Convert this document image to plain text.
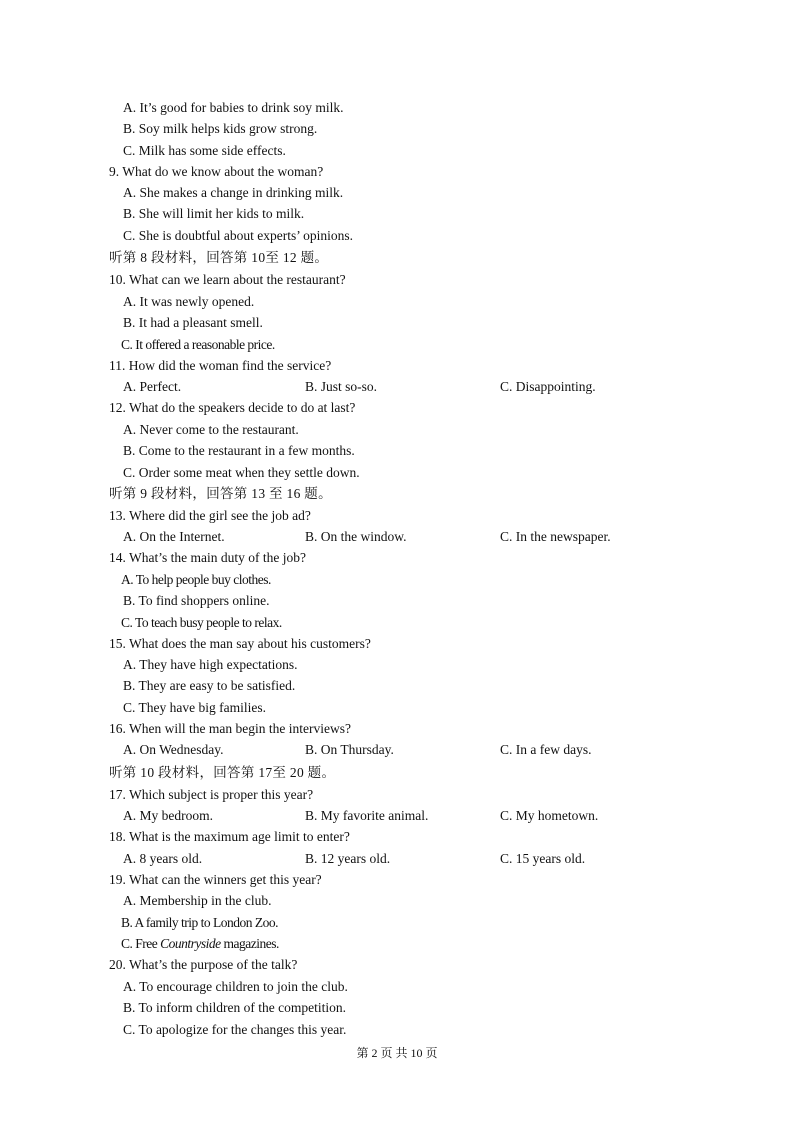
A. It’s good for babies to drink soy milk.
B. Soy milk helps kids grow strong.
C. Milk has some side effects.
9. What do we know about the woman?
A. She makes a change in drinking milk.
B. She will limit her kids to milk.
C. She is doubtful about experts’ opinions.
听第 8 段材料，回答第 10至 12 题。
10. What can we learn about the restaurant?
A. It was newly opened.
B. It had a pleasant smell.
C. It offered a reasonable price.
11. How did the woman find the service?
A. Perfect.	B. Just so-so.	C. Disappointing.
12. What do the speakers decide to do at last?
A. Never come to the restaurant.
B. Come to the restaurant in a few months.
C. Order some meat when they settle down.
听第 9 段材料，回答第 13 至 16 题。
13. Where did the girl see the job ad?
A. On the Internet.	B. On the window.	C. In the newspaper.
14. What’s the main duty of the job?
A. To help people buy clothes.
B. To find shoppers online.
C. To teach busy people to relax.
15. What does the man say about his customers?
A. They have high expectations.
B. They are easy to be satisfied.
C. They have big families.
16. When will the man begin the interviews?
A. On Wednesday.	B. On Thursday.	C. In a few days.
听第 10 段材料，回答第 17至 20 题。
17. Which subject is proper this year?
A. My bedroom.	B. My favorite animal.	C. My hometown.
18. What is the maximum age limit to enter?
A. 8 years old.	B. 12 years old.	C. 15 years old.
19. What can the winners get this year?
A. Membership in the club.
B. A family trip to London Zoo.
C. Free Countryside magazines.
20. What’s the purpose of the talk?
A. To encourage children to join the club.
B. To inform children of the competition.
C. To apologize for the changes this year.
第 2 页 共 10 页
